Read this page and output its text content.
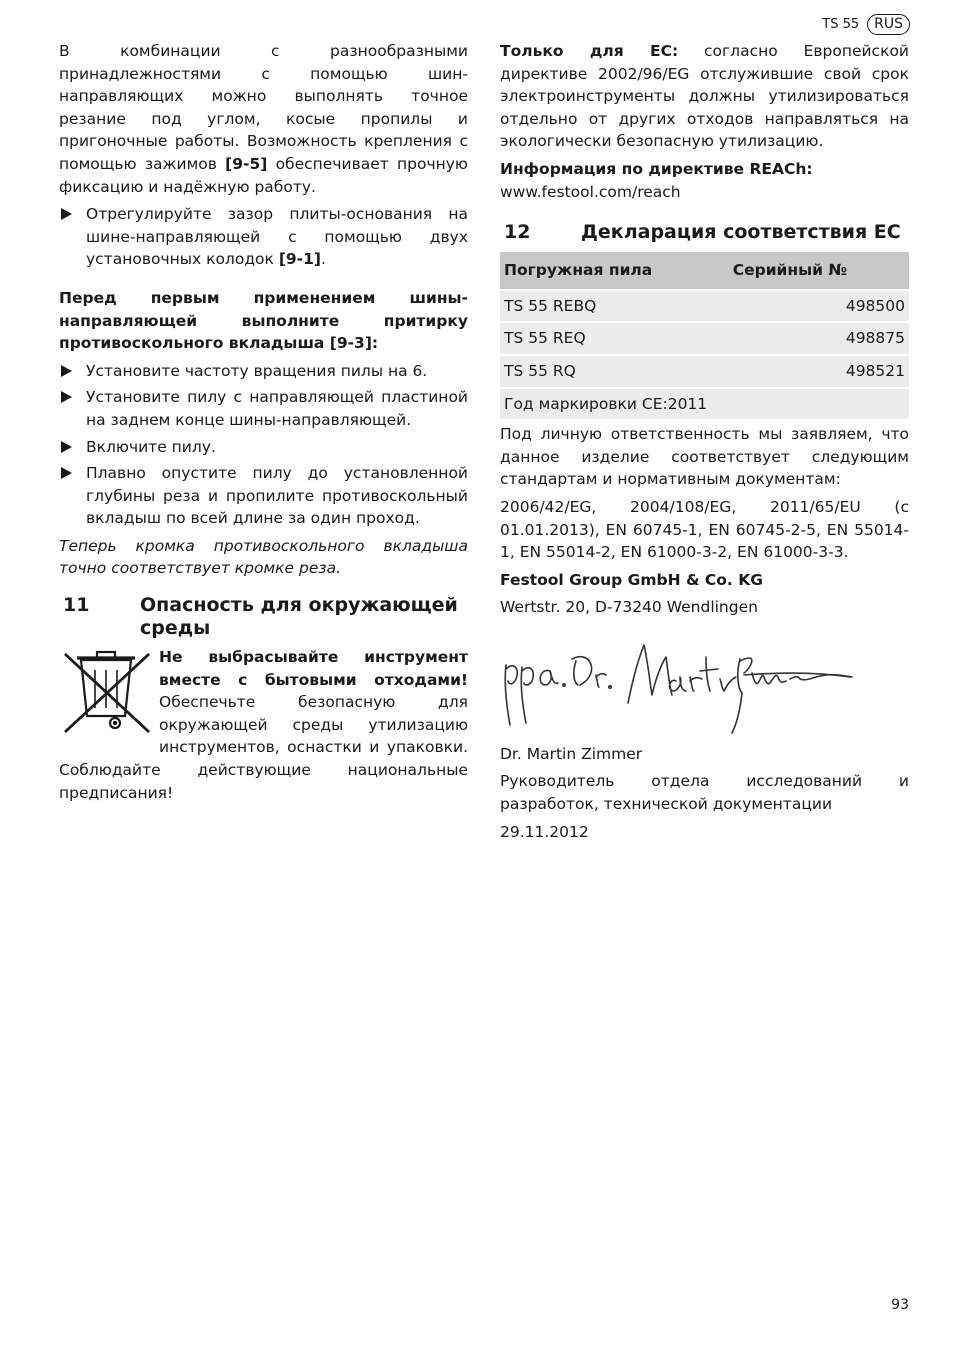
TS 55	RUS

В комбинации с разнообразными принадлежностями с помощью шин-направляющих можно выполнять точное резание под углом, косые пропилы и пригоночные работы. Возможность крепления с помощью зажимов [9-5] обеспечивает прочную фиксацию и надёжную работу.

Отрегулируйте зазор плиты-основания на шине-направляющей с помощью двух установочных колодок [9-1].

Перед первым применением шины-направляющей выполните притирку противоскольного вкладыша [9-3]:

Установите частоту вращения пилы на 6.
Установите пилу с направляющей пластиной на заднем конце шины-направляющей.
Включите пилу.
Плавно опустите пилу до установленной глубины реза и пропилите противоскольный вкладыш по всей длине за один проход.

Теперь кромка противоскольного вкладыша точно соответствует кромке реза.

11	Опасность для окружающей среды

Не выбрасывайте инструмент вместе с бытовыми отходами! Обеспечьте безопасную для окружающей среды утилизацию инструментов, оснастки и упаковки. Соблюдайте действующие национальные предписания!

Только для ЕС: согласно Европейской директиве 2002/96/EG отслужившие свой срок электроинструменты должны утилизироваться отдельно от других отходов направляться на экологически безопасную утилизацию.

Информация по директиве REACh:
www.festool.com/reach

12	Декларация соответствия ЕС
Погружная пила	Серийный №
TS 55 REBQ	498500
TS 55 REQ	498875
TS 55 RQ	498521
Год маркировки CE:2011	

Под личную ответственность мы заявляем, что данное изделие соответствует следующим стандартам и нормативным документам:

2006/42/EG, 2004/108/EG, 2011/65/EU (с 01.01.2013), EN 60745-1, EN 60745-2-5, EN 55014-1, EN 55014-2, EN 61000-3-2, EN 61000-3-3.

Festool Group GmbH & Co. KG

Wertstr. 20, D-73240 Wendlingen

Dr. Martin Zimmer

Руководитель отдела исследований и разработок, технической документации

29.11.2012

93
